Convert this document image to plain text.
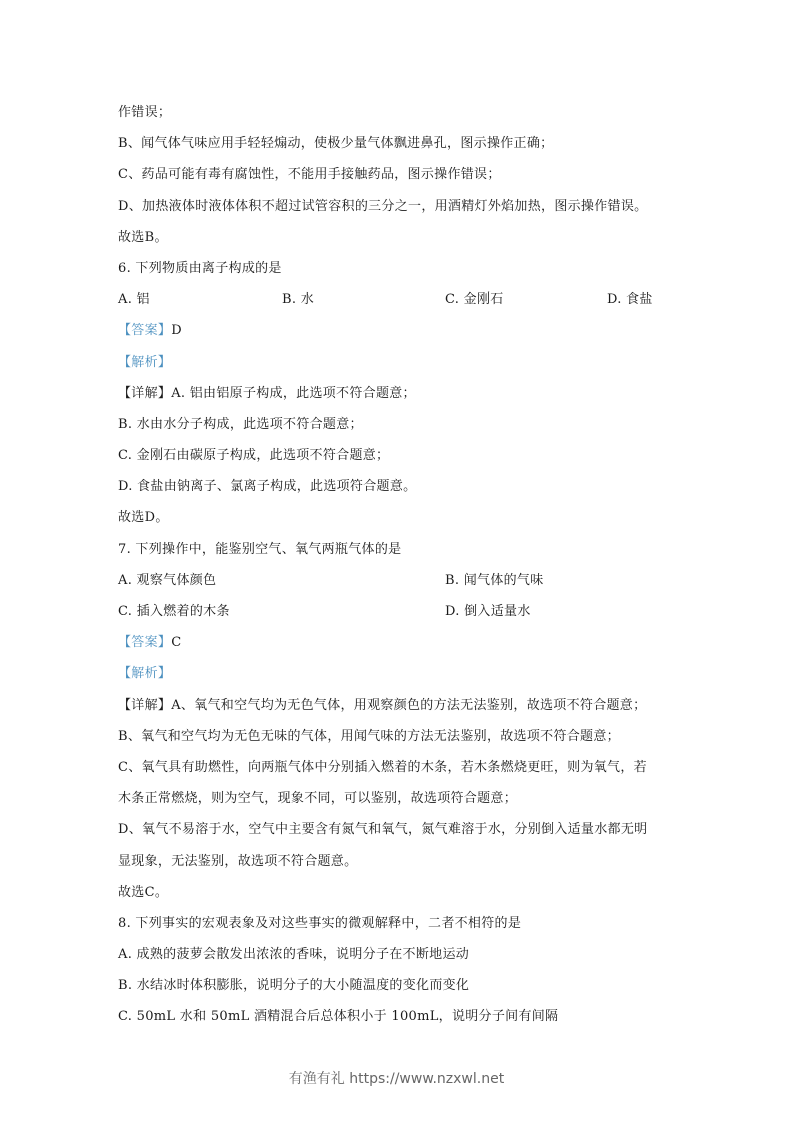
作错误；
B、闻气体气味应用手轻轻煽动，使极少量气体飘进鼻孔，图示操作正确；
C、药品可能有毒有腐蚀性，不能用手接触药品，图示操作错误；
D、加热液体时液体体积不超过试管容积的三分之一，用酒精灯外焰加热，图示操作错误。
故选B。
6. 下列物质由离子构成的是
A. 铝	B. 水	C. 金刚石	D. 食盐
【答案】D
【解析】
【详解】A. 铝由铝原子构成，此选项不符合题意；
B. 水由水分子构成，此选项不符合题意；
C. 金刚石由碳原子构成，此选项不符合题意；
D. 食盐由钠离子、氯离子构成，此选项符合题意。
故选D。
7. 下列操作中，能鉴别空气、氧气两瓶气体的是
A. 观察气体颜色	B. 闻气体的气味
C. 插入燃着的木条	D. 倒入适量水
【答案】C
【解析】
【详解】A、氧气和空气均为无色气体，用观察颜色的方法无法鉴别，故选项不符合题意；
B、氧气和空气均为无色无味的气体，用闻气味的方法无法鉴别，故选项不符合题意；
C、氧气具有助燃性，向两瓶气体中分别插入燃着的木条，若木条燃烧更旺，则为氧气，若
木条正常燃烧，则为空气，现象不同，可以鉴别，故选项符合题意；
D、氧气不易溶于水，空气中主要含有氮气和氧气，氮气难溶于水，分别倒入适量水都无明
显现象，无法鉴别，故选项不符合题意。
故选C。
8. 下列事实的宏观表象及对这些事实的微观解释中，二者不相符的是
A. 成熟的菠萝会散发出浓浓的香味，说明分子在不断地运动
B. 水结冰时体积膨胀，说明分子的大小随温度的变化而变化
C. 50mL 水和 50mL 酒精混合后总体积小于 100mL，说明分子间有间隔
有渔有礼 https://www.nzxwl.net
